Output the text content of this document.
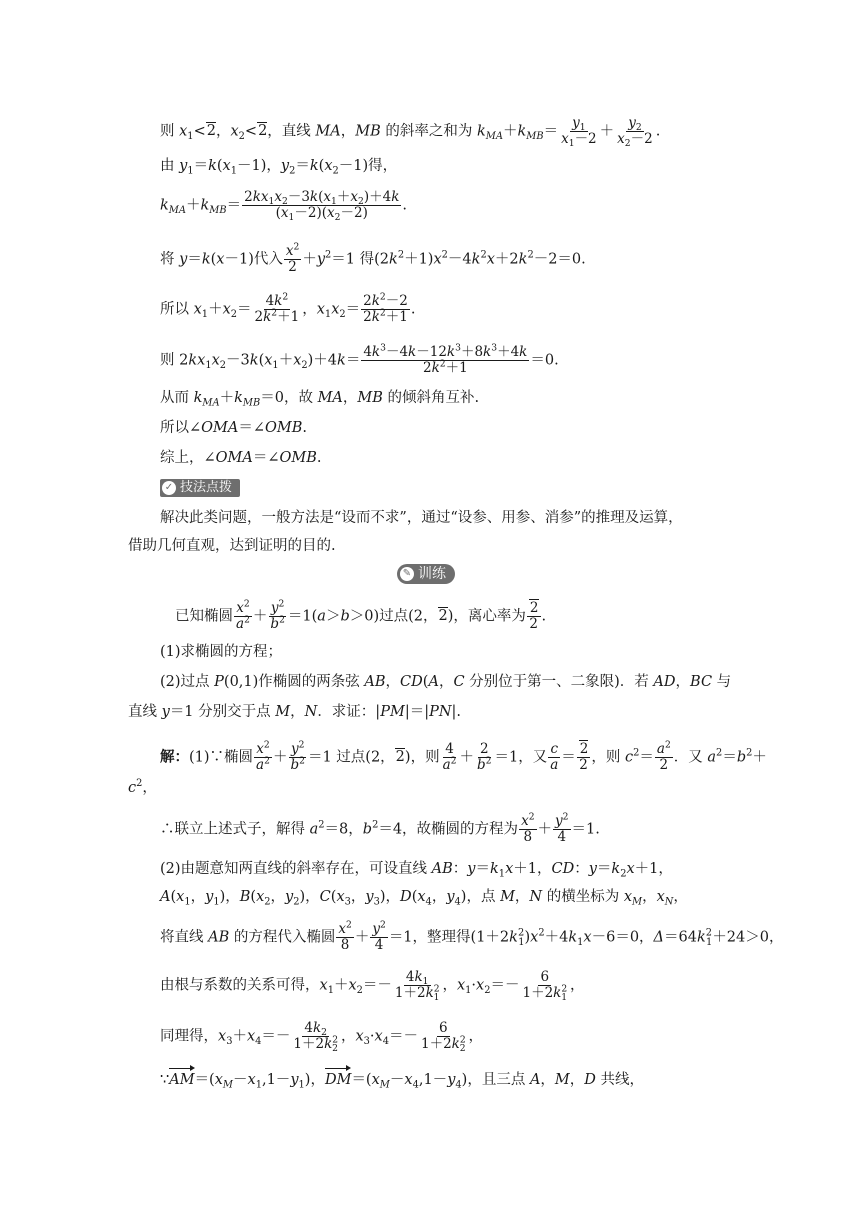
则 $x_1<2$，$x_2<2$，直线 MA，MB 的斜率之和为 $k_{MA}+k_{MB}= \frac{y_1}{x_1-2} + \frac{y_2}{x_2-2}$ .
由 $y_1=k(x_1-1)$，$y_2=k(x_2-1)$得，
$k_{MA}+k_{MB}= \frac{2kx_1x_2-3k(x_1+x_2)+4k}{(x_1-2)(x_2-2)}$ .
将 y＝k(x－1)代入 $\frac{x^2}{2} +y^2=1$ 得$(2k^2+1)x^2-4k^2x+2k^2-2=0$.
所以 $x_1+x_2= \frac{4k^2}{2k^2+1}$ ，$x_1x_2= \frac{2k^2-2}{2k^2+1}$ .
则 $2kx_1x_2-3k(x_1+x_2)+4k= \frac{4k^3-4k-12k^3+8k^3+4k}{2k^2+1} =0$.
从而 $k_{MA}+k_{MB}=0$，故 MA，MB 的倾斜角互补.
所以∠OMA＝∠OMB.
综上，∠OMA＝∠OMB.
✓ 技法点拨
解决此类问题，一般方法是“设而不求”，通过“设参、用参、消参”的推理及运算，
借助几何直观，达到证明的目的.
✎ 训练
已知椭圆 $\frac{x^2}{a^2} + \frac{y^2}{b^2} =1(a>b>0)$过点(2，2)，离心率为 $\frac{2}{2}$ .
(1)求椭圆的方程；
(2)过点 P(0,1)作椭圆的两条弦 AB，CD(A，C 分别位于第一、二象限)．若 AD，BC 与
直线 y＝1 分别交于点 M，N．求证：|PM|＝|PN|.
解：(1)∵椭圆 $\frac{x^2}{a^2} + \frac{y^2}{b^2} =1$ 过点(2，2)，则 $\frac{4}{a^2} + \frac{2}{b^2} =1$，又 $\frac{c}{a} = \frac{2}{2}$ ，则 $c^2= \frac{a^2}{2}$ ．又 $a^2=b^2+$
$c^2$，
∴联立上述式子，解得 $a^2=8$，$b^2=4$，故椭圆的方程为 $\frac{x^2}{8} + \frac{y^2}{4} =1$.
(2)由题意知两直线的斜率存在，可设直线 AB：$y=k_1x+1$，CD：$y=k_2x+1$，
$A(x_1$，$y_1$)，$B(x_2$，$y_2$)，$C(x_3$，$y_3$)，$D(x_4$，$y_4$)，点 M，N 的横坐标为 $x_M$，$x_N$，
将直线 AB 的方程代入椭圆 $\frac{x^2}{8} + \frac{y^2}{4} =1$，整理得$(1+2k^2_1)x^2+4k_1x-6=0$，$\Delta=64k^2_1+24>0$，
由根与系数的关系可得，$x_1+x_2=- \frac{4k_1}{1+2k^2_1}$ ，$x_1\cdot x_2=- \frac{6}{1+2k^2_1}$ ，
同理得，$x_3+x_4=- \frac{4k_2}{1+2k^2_2}$ ，$x_3\cdot x_4=- \frac{6}{1+2k^2_2}$ ，
$\because AM=(x_M-x_1,1-y_1)$，$DM=(x_M-x_4,1-y_4)$，且三点 A，M，D 共线，
